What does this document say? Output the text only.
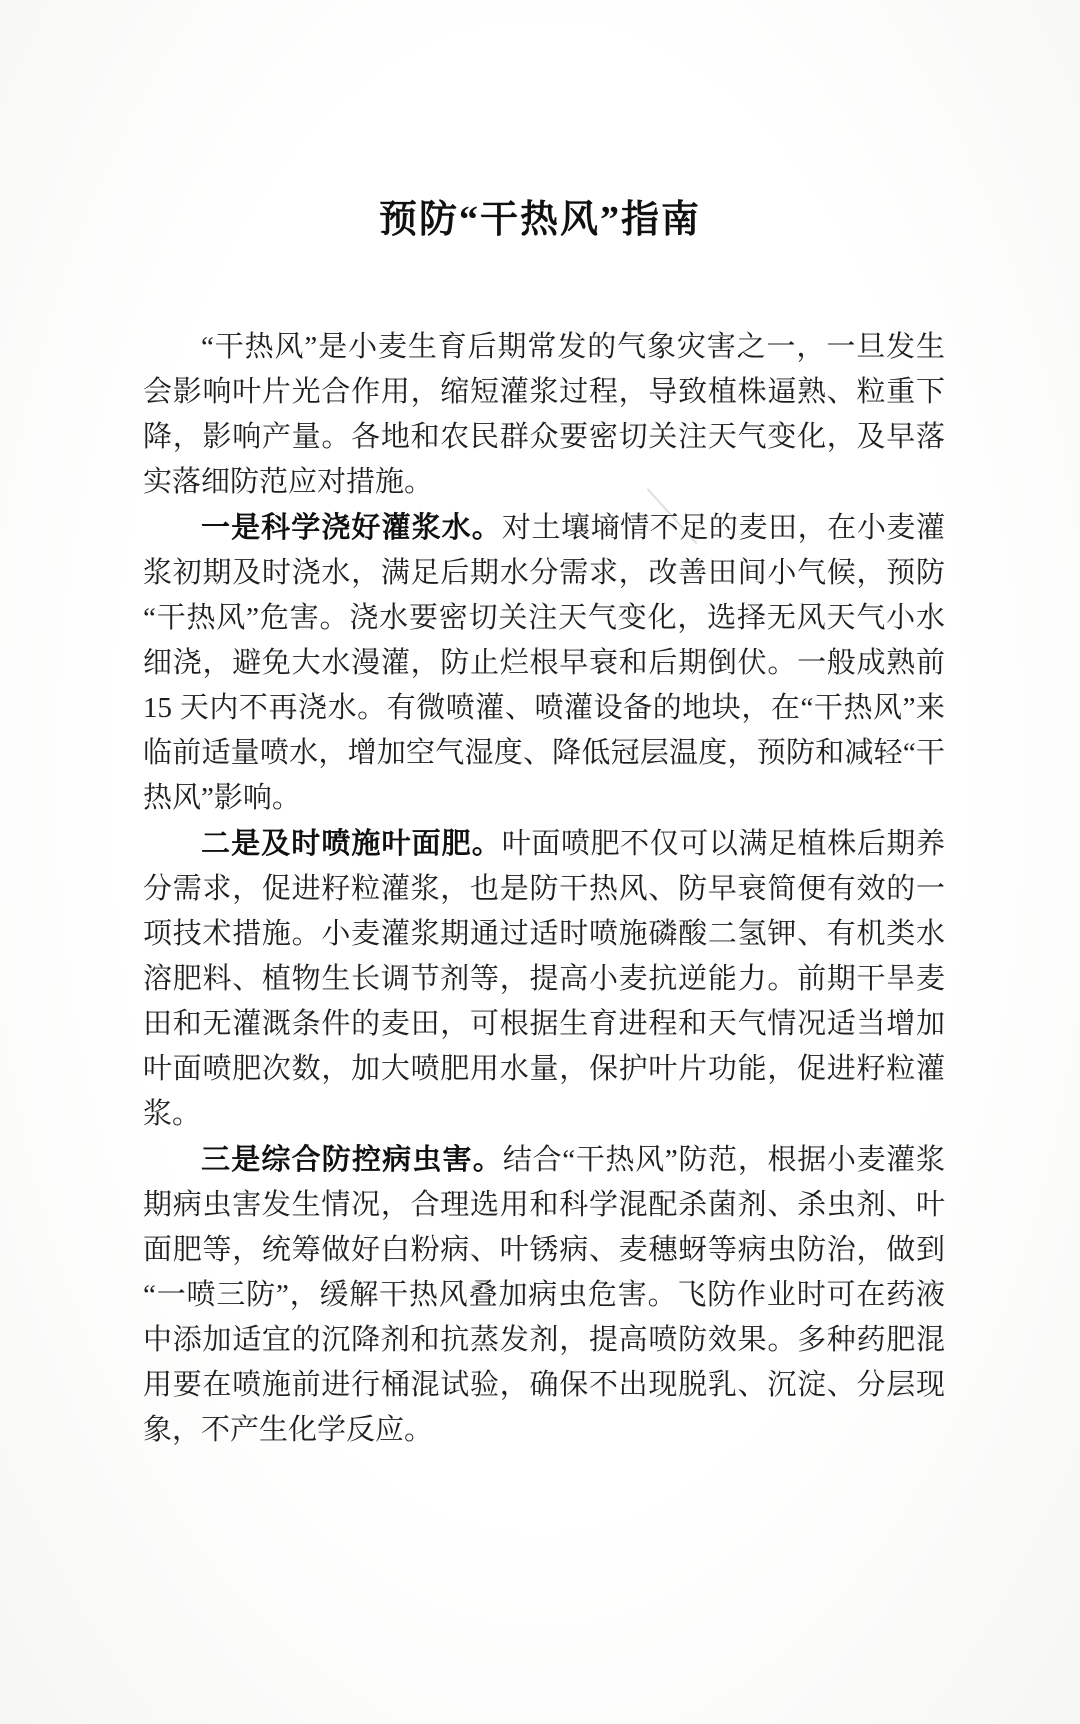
预防“干热风”指南

“干热风”是小麦生育后期常发的气象灾害之一，一旦发生会影响叶片光合作用，缩短灌浆过程，导致植株逼熟、粒重下降，影响产量。各地和农民群众要密切关注天气变化，及早落实落细防范应对措施。

一是科学浇好灌浆水。对土壤墒情不足的麦田，在小麦灌浆初期及时浇水，满足后期水分需求，改善田间小气候，预防“干热风”危害。浇水要密切关注天气变化，选择无风天气小水细浇，避免大水漫灌，防止烂根早衰和后期倒伏。一般成熟前 15 天内不再浇水。有微喷灌、喷灌设备的地块，在“干热风”来临前适量喷水，增加空气湿度、降低冠层温度，预防和减轻“干热风”影响。

二是及时喷施叶面肥。叶面喷肥不仅可以满足植株后期养分需求，促进籽粒灌浆，也是防干热风、防早衰简便有效的一项技术措施。小麦灌浆期通过适时喷施磷酸二氢钾、有机类水溶肥料、植物生长调节剂等，提高小麦抗逆能力。前期干旱麦田和无灌溉条件的麦田，可根据生育进程和天气情况适当增加叶面喷肥次数，加大喷肥用水量，保护叶片功能，促进籽粒灌浆。

三是综合防控病虫害。结合“干热风”防范，根据小麦灌浆期病虫害发生情况，合理选用和科学混配杀菌剂、杀虫剂、叶面肥等，统筹做好白粉病、叶锈病、麦穗蚜等病虫防治，做到“一喷三防”，缓解干热风叠加病虫危害。飞防作业时可在药液中添加适宜的沉降剂和抗蒸发剂，提高喷防效果。多种药肥混用要在喷施前进行桶混试验，确保不出现脱乳、沉淀、分层现象，不产生化学反应。
